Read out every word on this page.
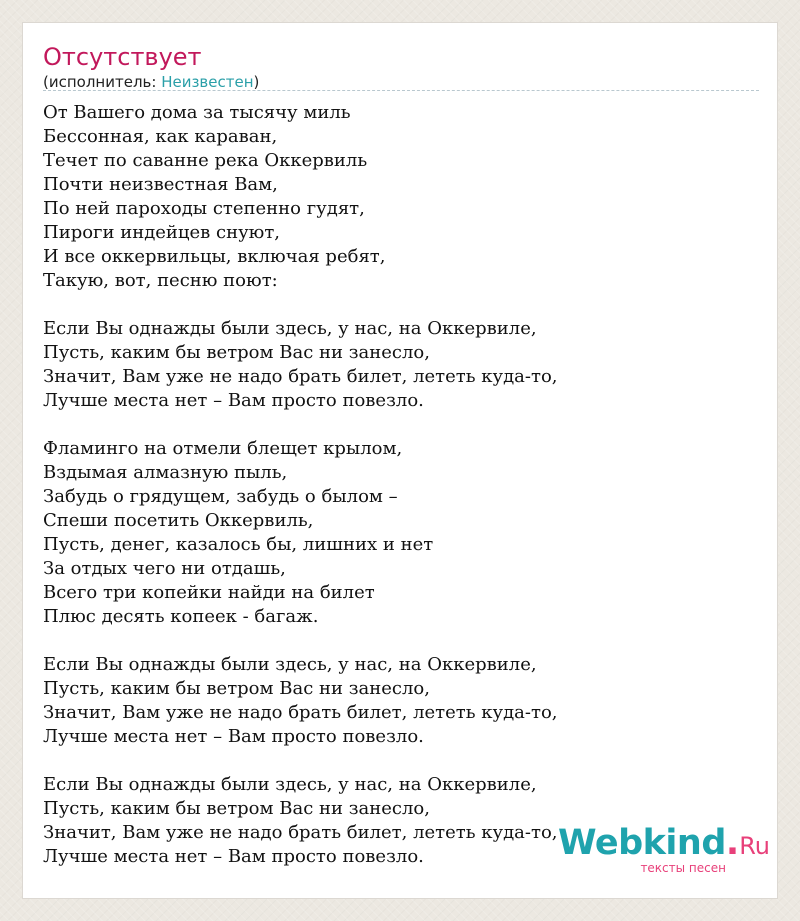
Отсутствует
(исполнитель: Неизвестен)
От Вашего дома за тысячу миль
Бессонная, как караван,
Течет по саванне река Оккервиль
Почти неизвестная Вам,
По ней пароходы степенно гудят,
Пироги индейцев снуют,
И все оккервильцы, включая ребят,
Такую, вот, песню поют:

Если Вы однажды были здесь, у нас, на Оккервиле,
Пусть, каким бы ветром Вас ни занесло,
Значит, Вам уже не надо брать билет, лететь куда-то,
Лучше места нет – Вам просто повезло.

Фламинго на отмели блещет крылом,
Вздымая алмазную пыль,
Забудь о грядущем, забудь о былом –
Спеши посетить Оккервиль,
Пусть, денег, казалось бы, лишних и нет
За отдых чего ни отдашь,
Всего три копейки найди на билет
Плюс десять копеек - багаж.

Если Вы однажды были здесь, у нас, на Оккервиле,
Пусть, каким бы ветром Вас ни занесло,
Значит, Вам уже не надо брать билет, лететь куда-то,
Лучше места нет – Вам просто повезло.

Если Вы однажды были здесь, у нас, на Оккервиле,
Пусть, каким бы ветром Вас ни занесло,
Значит, Вам уже не надо брать билет, лететь куда-то,
Лучше места нет – Вам просто повезло.	Webkind.Ru
тексты песен
